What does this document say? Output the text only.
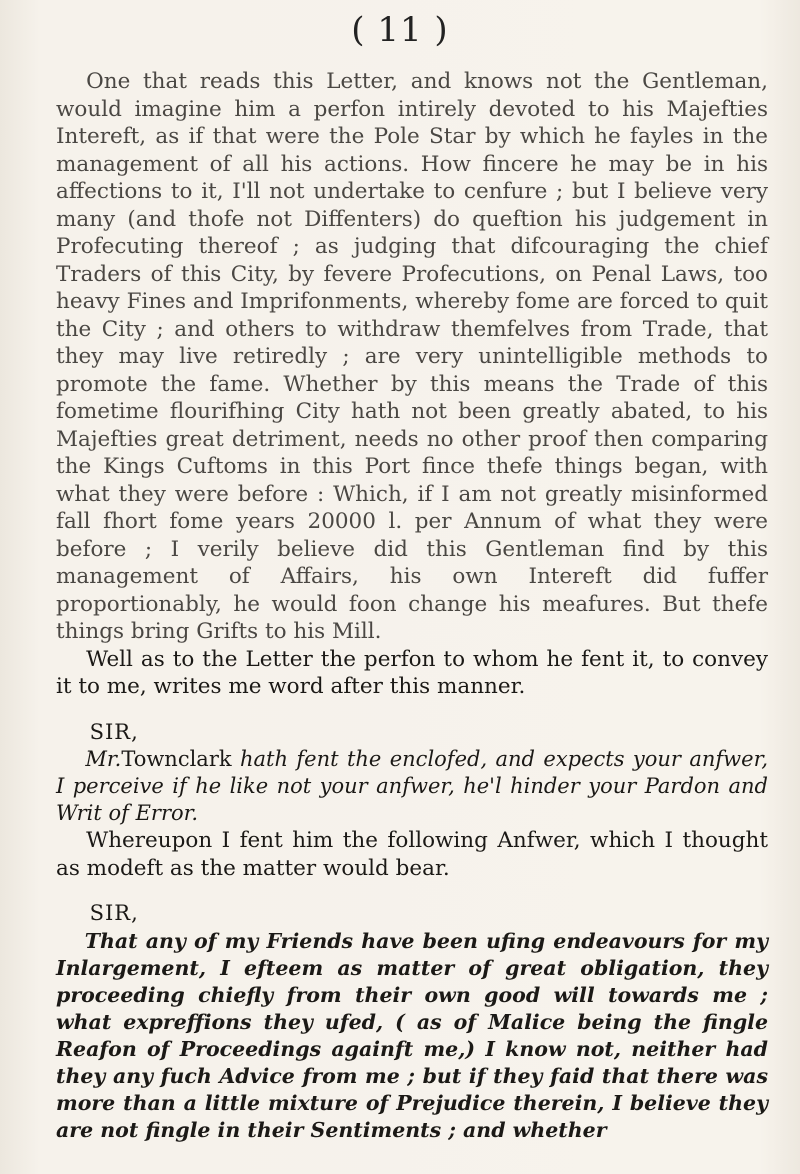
( 11 )

One that reads this Letter, and knows not the Gentleman, would imagine him a perfon intirely devoted to his Majefties Intereft, as if that were the Pole Star by which he fayles in the management of all his actions. How fincere he may be in his affections to it, I'll not undertake to cenfure ; but I believe very many (and thofe not Diffenters) do queftion his judgement in Profecuting thereof ; as judging that difcouraging the chief Traders of this City, by fevere Profecutions, on Penal Laws, too heavy Fines and Imprifonments, whereby fome are forced to quit the City ; and others to withdraw themfelves from Trade, that they may live retiredly ; are very unintelligible methods to promote the fame. Whether by this means the Trade of this fometime flourifhing City hath not been greatly abated, to his Majefties great detriment, needs no other proof then comparing the Kings Cuftoms in this Port fince thefe things began, with what they were before : Which, if I am not greatly misinformed fall fhort fome years 20000 l. per Annum of what they were before ; I verily believe did this Gentleman find by this management of Affairs, his own Intereft did fuffer proportionably, he would foon change his meafures. But thefe things bring Grifts to his Mill.

Well as to the Letter the perfon to whom he fent it, to convey it to me, writes me word after this manner.

SIR,

Mr.Townclark hath fent the enclofed, and expects your anfwer, I perceive if he like not your anfwer, he'l hinder your Pardon and Writ of Error.

Whereupon I fent him the following Anfwer, which I thought as modeft as the matter would bear.

SIR,

That any of my Friends have been ufing endeavours for my Inlargement, I efteem as matter of great obligation, they proceeding chiefly from their own good will towards me ; what expreffions they ufed, ( as of Malice being the fingle Reafon of Proceedings againft me,) I know not, neither had they any fuch Advice from me ; but if they faid that there was more than a little mixture of Prejudice therein, I believe they are not fingle in their Sentiments ; and whether
